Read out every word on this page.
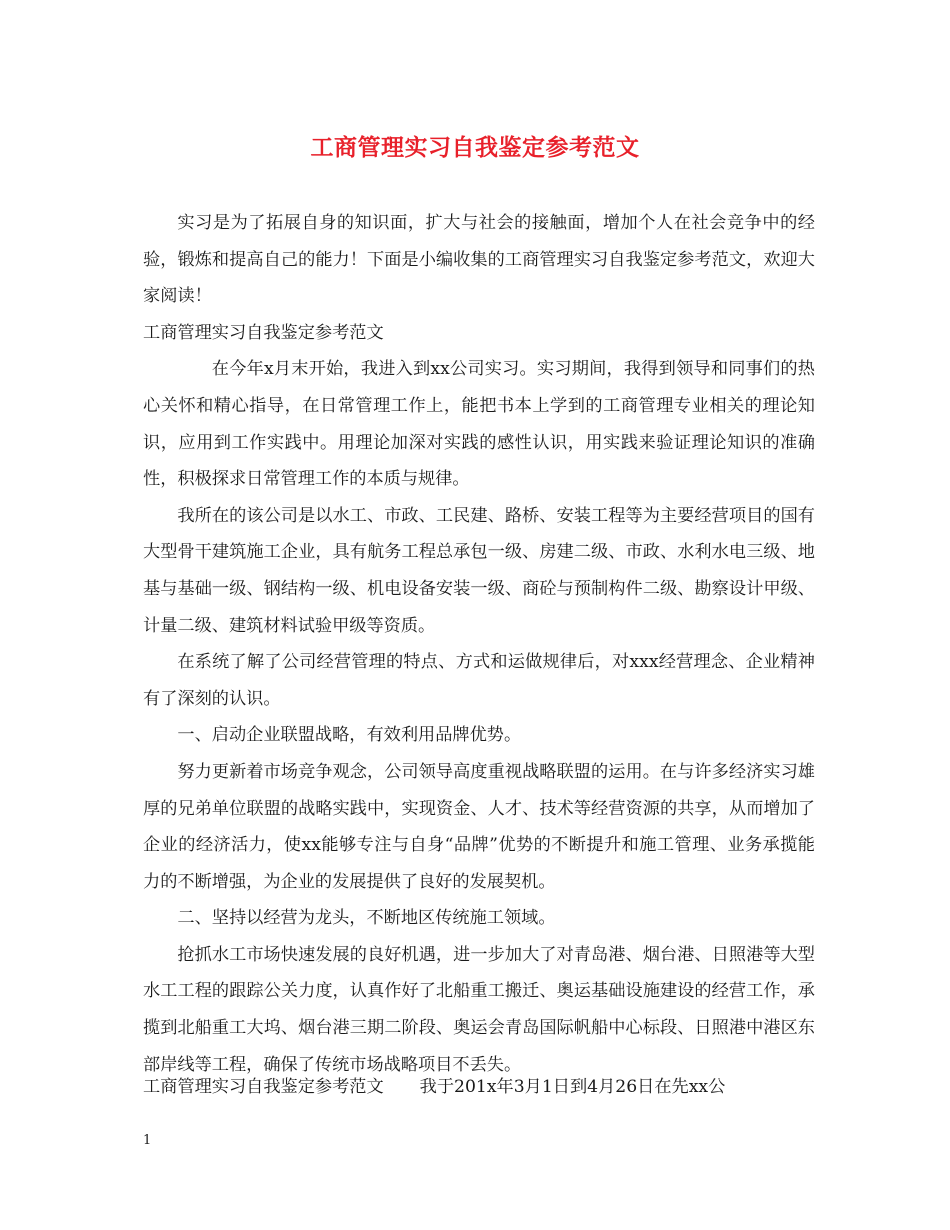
工商管理实习自我鉴定参考范文

实习是为了拓展自身的知识面，扩大与社会的接触面，增加个人在社会竞争中的经验，锻炼和提高自己的能力！下面是小编收集的工商管理实习自我鉴定参考范文，欢迎大家阅读！

工商管理实习自我鉴定参考范文

在今年x月末开始，我进入到xx公司实习。实习期间，我得到领导和同事们的热心关怀和精心指导，在日常管理工作上，能把书本上学到的工商管理专业相关的理论知识，应用到工作实践中。用理论加深对实践的感性认识，用实践来验证理论知识的准确性，积极探求日常管理工作的本质与规律。

我所在的该公司是以水工、市政、工民建、路桥、安装工程等为主要经营项目的国有大型骨干建筑施工企业，具有航务工程总承包一级、房建二级、市政、水利水电三级、地基与基础一级、钢结构一级、机电设备安装一级、商砼与预制构件二级、勘察设计甲级、计量二级、建筑材料试验甲级等资质。

在系统了解了公司经营管理的特点、方式和运做规律后，对xxx经营理念、企业精神有了深刻的认识。

一、启动企业联盟战略，有效利用品牌优势。

努力更新着市场竞争观念，公司领导高度重视战略联盟的运用。在与许多经济实习雄厚的兄弟单位联盟的战略实践中，实现资金、人才、技术等经营资源的共享，从而增加了企业的经济活力，使xx能够专注与自身“品牌”优势的不断提升和施工管理、业务承揽能力的不断增强，为企业的发展提供了良好的发展契机。

二、坚持以经营为龙头，不断地区传统施工领域。

抢抓水工市场快速发展的良好机遇，进一步加大了对青岛港、烟台港、日照港等大型水工工程的跟踪公关力度，认真作好了北船重工搬迁、奥运基础设施建设的经营工作，承揽到北船重工大坞、烟台港三期二阶段、奥运会青岛国际帆船中心标段、日照港中港区东部岸线等工程，确保了传统市场战略项目不丢失。

工商管理实习自我鉴定参考范文 我于201x年3月1日到4月26日在先xx公
1
